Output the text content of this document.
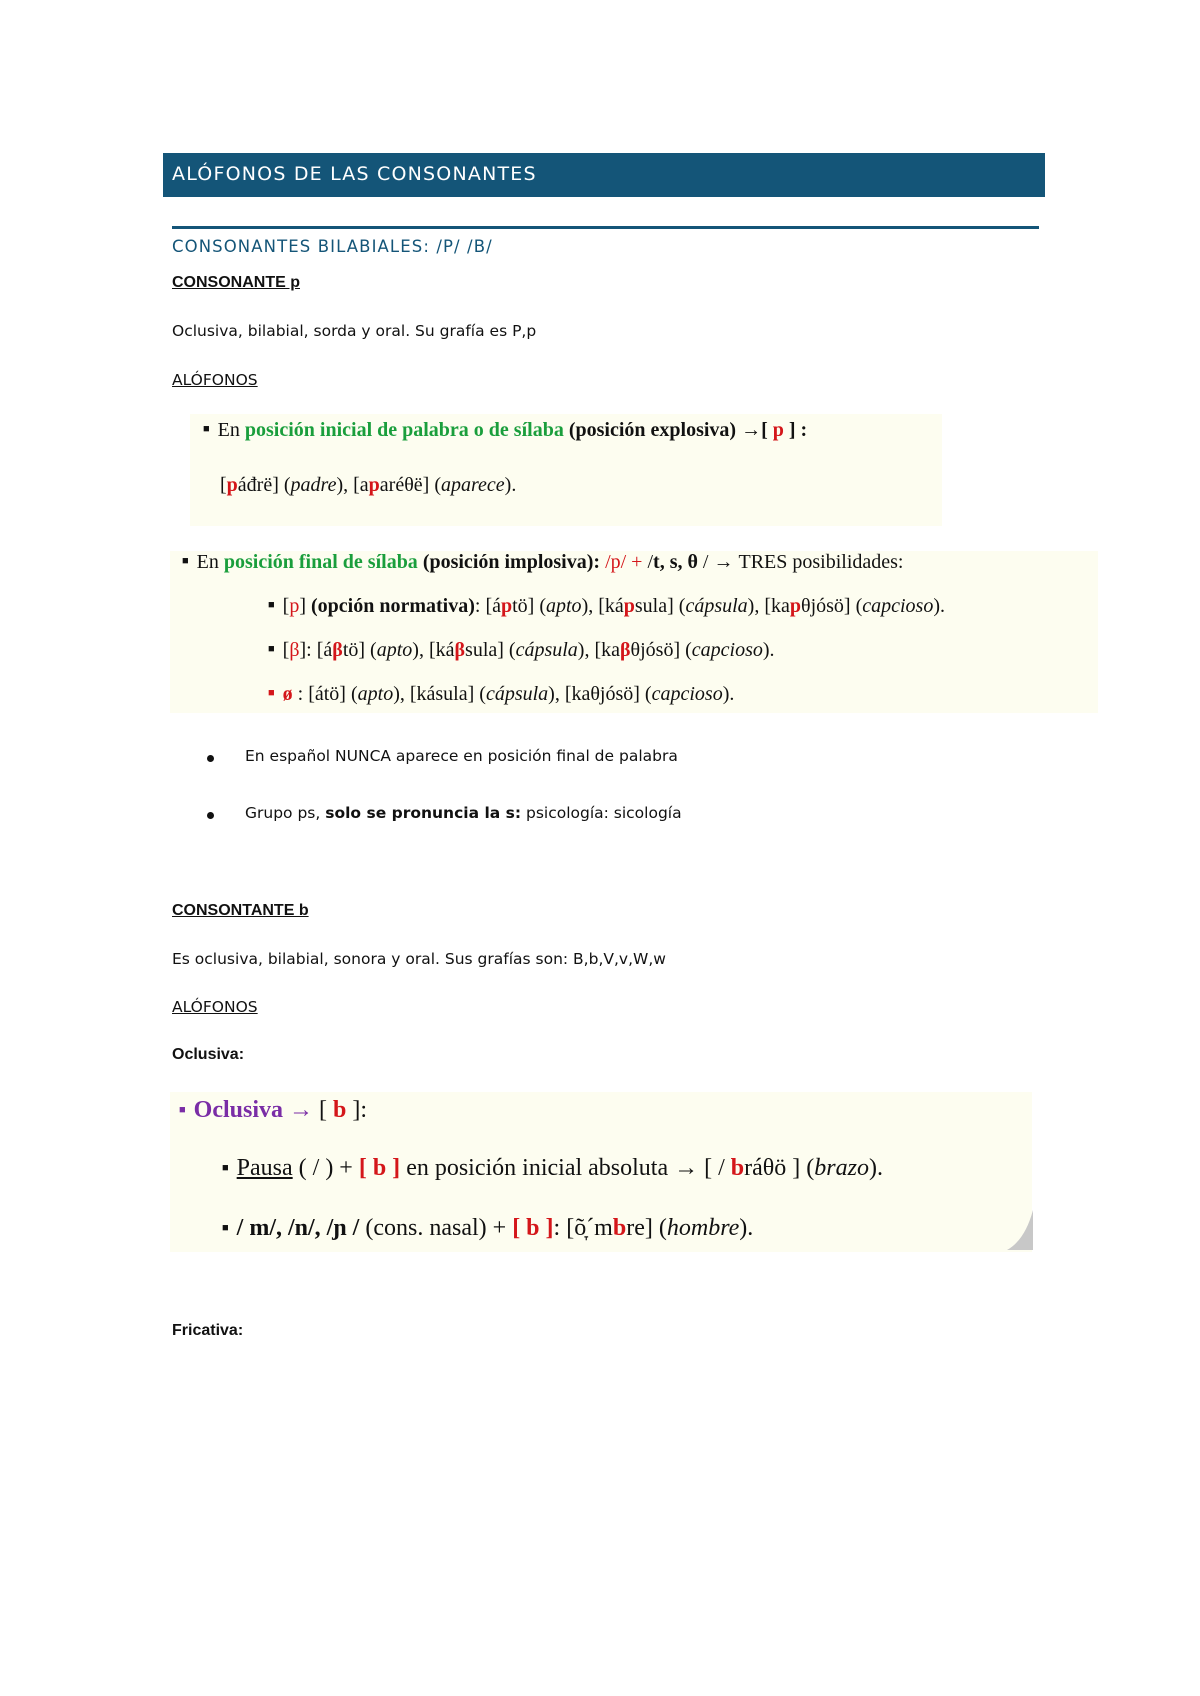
ALÓFONOS DE LAS CONSONANTES
CONSONANTES BILABIALES: /P/ /B/
CONSONANTE p
Oclusiva, bilabial, sorda y oral. Su grafía es P,p
ALÓFONOS
■ En posición inicial de palabra o de sílaba (posición explosiva) →[ p ] :
[páđrë] (padre), [aparéθë] (aparece).
■ En posición final de sílaba (posición implosiva): /p/ + /t, s, θ / → TRES posibilidades:
■ [p] (opción normativa): [áptö] (apto), [kápsula] (cápsula), [kapθjósö] (capcioso).
■ [β]: [áβtö] (apto), [káβsula] (cápsula), [kaβθjósö] (capcioso).
■ ø : [átö] (apto), [kásula] (cápsula), [kaθjósö] (capcioso).
En español NUNCA aparece en posición final de palabra
Grupo ps, solo se pronuncia la s: psicología: sicología
CONSONTANTE b
Es oclusiva, bilabial, sonora y oral. Sus grafías son: B,b,V,v,W,w
ALÓFONOS
Oclusiva:
■ Oclusiva → [ b ]:
■ Pausa ( / ) + [ b ] en posición inicial absoluta → [ / bráθö ] (brazo).
■ / m/, /n/, /ɲ / (cons. nasal) + [ b ]: [õ̞´mbre] (hombre).
Fricativa:
